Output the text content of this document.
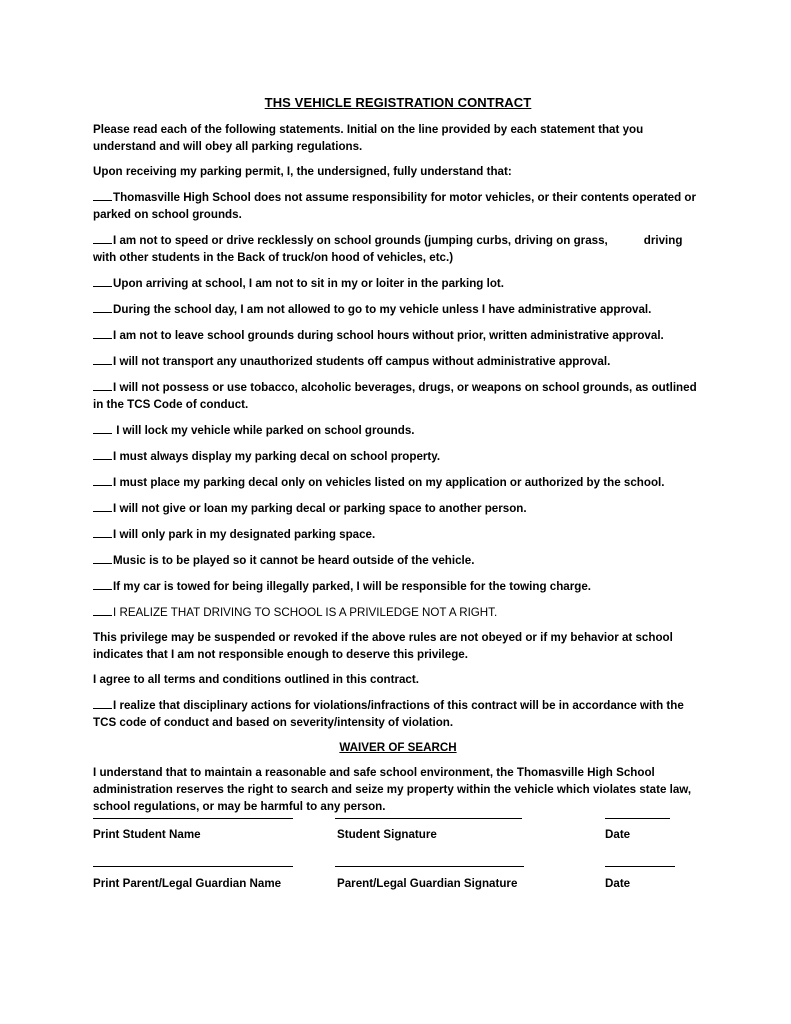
THS VEHICLE REGISTRATION CONTRACT
Please read each of the following statements. Initial on the line provided by each statement that you understand and will obey all parking regulations.
Upon receiving my parking permit, I, the undersigned, fully understand that:
Thomasville High School does not assume responsibility for motor vehicles, or their contents operated or parked on school grounds.
I am not to speed or drive recklessly on school grounds (jumping curbs, driving on grass,	driving with other students in the Back of truck/on hood of vehicles, etc.)
Upon arriving at school, I am not to sit in my or loiter in the parking lot.
During the school day, I am not allowed to go to my vehicle unless I have administrative approval.
I am not to leave school grounds during school hours without prior, written administrative approval.
I will not transport any unauthorized students off campus without administrative approval.
I will not possess or use tobacco, alcoholic beverages, drugs, or weapons on school grounds, as outlined in the TCS Code of conduct.
I will lock my vehicle while parked on school grounds.
I must always display my parking decal on school property.
I must place my parking decal only on vehicles listed on my application or authorized by the school.
I will not give or loan my parking decal or parking space to another person.
I will only park in my designated parking space.
Music is to be played so it cannot be heard outside of the vehicle.
If my car is towed for being illegally parked, I will be responsible for the towing charge.
I REALIZE THAT DRIVING TO SCHOOL IS A PRIVILEDGE NOT A RIGHT.
This privilege may be suspended or revoked if the above rules are not obeyed or if my behavior at school indicates that I am not responsible enough to deserve this privilege.
I agree to all terms and conditions outlined in this contract.
I realize that disciplinary actions for violations/infractions of this contract will be in accordance with the TCS code of conduct and based on severity/intensity of violation.
WAIVER OF SEARCH
I understand that to maintain a reasonable and safe school environment, the Thomasville High School administration reserves the right to search and seize my property within the vehicle which violates state law, school regulations, or may be harmful to any person.
Print Student Name	Student Signature	Date
Print Parent/Legal Guardian Name	Parent/Legal Guardian Signature	Date
